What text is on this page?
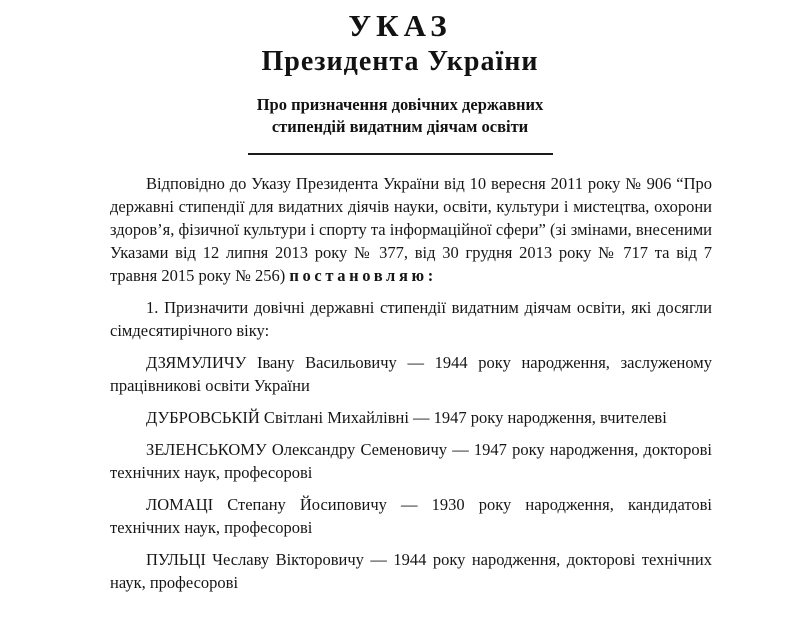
УКАЗ
Президента України
Про призначення довічних державних
стипендій видатним діячам освіти

Відповідно до Указу Президента України від 10 вересня 2011 року № 906 “Про державні стипендії для видатних діячів науки, освіти, культури і мистецтва, охорони здоров’я, фізичної культури і спорту та інформаційної сфери” (зі змінами, внесеними Указами від 12 липня 2013 року № 377, від 30 грудня 2013 року № 717 та від 7 травня 2015 року № 256) постановляю:

1. Призначити довічні державні стипендії видатним діячам освіти, які досягли сімдесятирічного віку:

ДЗЯМУЛИЧУ Івану Васильовичу — 1944 року народження, заслуженому працівникові освіти України

ДУБРОВСЬКІЙ Світлані Михайлівні — 1947 року народження, вчителеві

ЗЕЛЕНСЬКОМУ Олександру Семеновичу — 1947 року народження, докторові технічних наук, професорові

ЛОМАЦІ Степану Йосиповичу — 1930 року народження, кандидатові технічних наук, професорові

ПУЛЬЦІ Чеславу Вікторовичу — 1944 року народження, докторові технічних наук, професорові
